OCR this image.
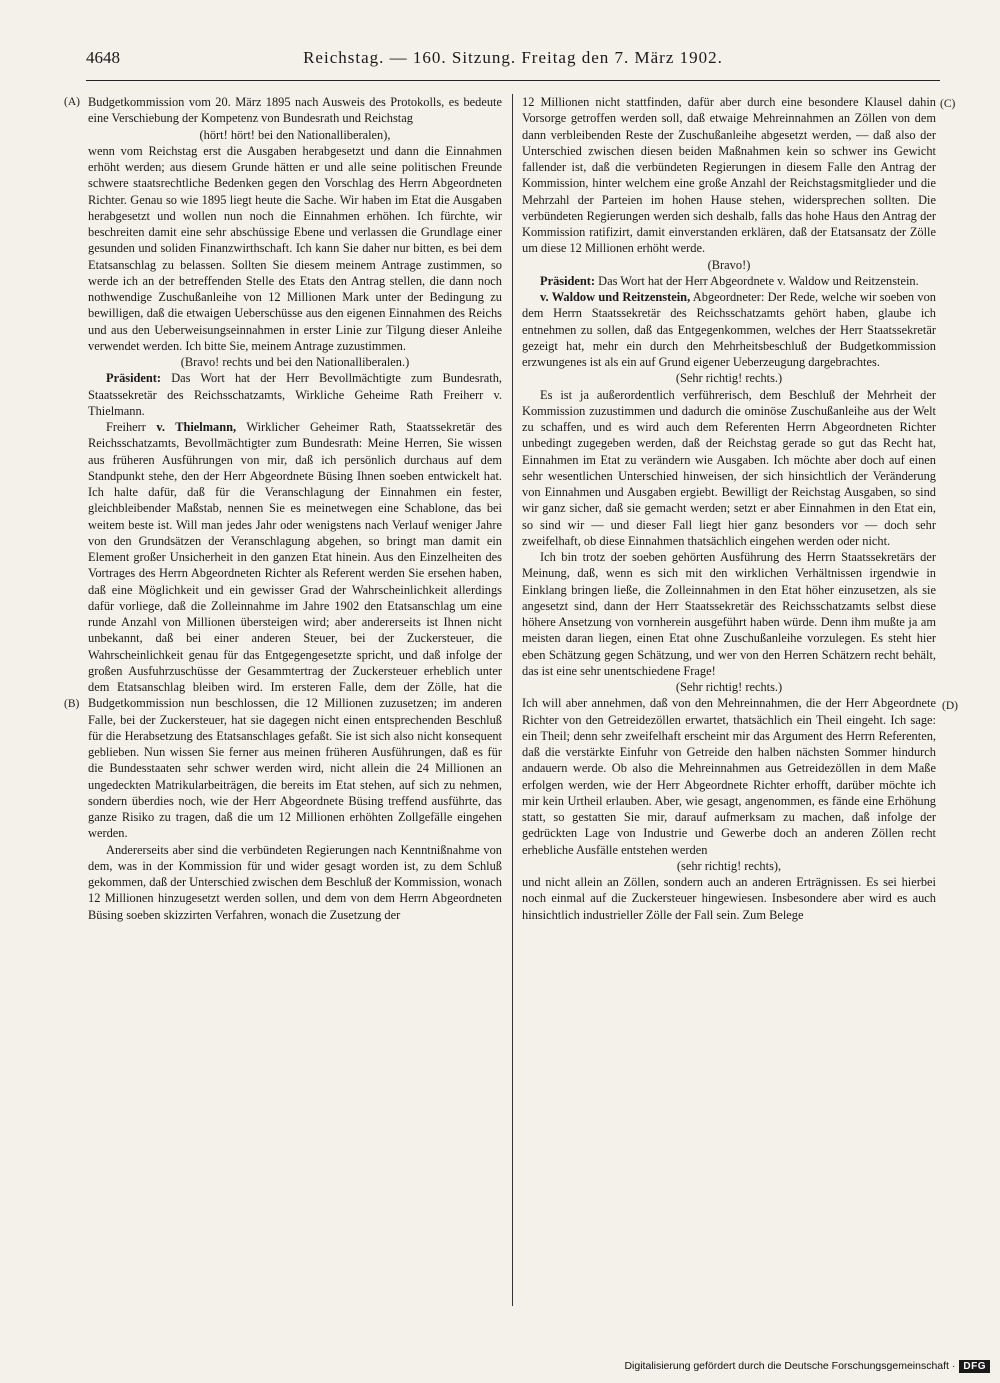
4648	Reichstag. — 160. Sitzung. Freitag den 7. März 1902.
(A)
(B)
(C)
(D)

Budgetkommission vom 20. März 1895 nach Ausweis des Protokolls, es bedeute eine Verschiebung der Kompetenz von Bundesrath und Reichstag

(hört! hört! bei den Nationalliberalen),

wenn vom Reichstag erst die Ausgaben herabgesetzt und dann die Einnahmen erhöht werden; aus diesem Grunde hätten er und alle seine politischen Freunde schwere staatsrechtliche Bedenken gegen den Vorschlag des Herrn Abgeordneten Richter. Genau so wie 1895 liegt heute die Sache. Wir haben im Etat die Ausgaben herabgesetzt und wollen nun noch die Einnahmen erhöhen. Ich fürchte, wir beschreiten damit eine sehr abschüssige Ebene und verlassen die Grundlage einer gesunden und soliden Finanzwirthschaft. Ich kann Sie daher nur bitten, es bei dem Etatsanschlag zu belassen. Sollten Sie diesem meinem Antrage zustimmen, so werde ich an der betreffenden Stelle des Etats den Antrag stellen, die dann noch nothwendige Zuschußanleihe von 12 Millionen Mark unter der Bedingung zu bewilligen, daß die etwaigen Ueberschüsse aus den eigenen Einnahmen des Reichs und aus den Ueberweisungseinnahmen in erster Linie zur Tilgung dieser Anleihe verwendet werden. Ich bitte Sie, meinem Antrage zuzustimmen.

(Bravo! rechts und bei den Nationalliberalen.)

Präsident: Das Wort hat der Herr Bevollmächtigte zum Bundesrath, Staatssekretär des Reichsschatzamts, Wirkliche Geheime Rath Freiherr v. Thielmann.

Freiherr v. Thielmann, Wirklicher Geheimer Rath, Staatssekretär des Reichsschatzamts, Bevollmächtigter zum Bundesrath: Meine Herren, Sie wissen aus früheren Ausführungen von mir, daß ich persönlich durchaus auf dem Standpunkt stehe, den der Herr Abgeordnete Büsing Ihnen soeben entwickelt hat. Ich halte dafür, daß für die Veranschlagung der Einnahmen ein fester, gleichbleibender Maßstab, nennen Sie es meinetwegen eine Schablone, das bei weitem beste ist. Will man jedes Jahr oder wenigstens nach Verlauf weniger Jahre von den Grundsätzen der Veranschlagung abgehen, so bringt man damit ein Element großer Unsicherheit in den ganzen Etat hinein. Aus den Einzelheiten des Vortrages des Herrn Abgeordneten Richter als Referent werden Sie ersehen haben, daß eine Möglichkeit und ein gewisser Grad der Wahrscheinlichkeit allerdings dafür vorliege, daß die Zolleinnahme im Jahre 1902 den Etatsanschlag um eine runde Anzahl von Millionen übersteigen wird; aber andererseits ist Ihnen nicht unbekannt, daß bei einer anderen Steuer, bei der Zuckersteuer, die Wahrscheinlichkeit genau für das Entgegengesetzte spricht, und daß infolge der großen Ausfuhrzuschüsse der Gesammtertrag der Zuckersteuer erheblich unter dem Etatsanschlag bleiben wird. Im ersteren Falle, dem der Zölle, hat die Budgetkommission nun beschlossen, die 12 Millionen zuzusetzen; im anderen Falle, bei der Zuckersteuer, hat sie dagegen nicht einen entsprechenden Beschluß für die Herabsetzung des Etatsanschlages gefaßt. Sie ist sich also nicht konsequent geblieben. Nun wissen Sie ferner aus meinen früheren Ausführungen, daß es für die Bundesstaaten sehr schwer werden wird, nicht allein die 24 Millionen an ungedeckten Matrikularbeiträgen, die bereits im Etat stehen, auf sich zu nehmen, sondern überdies noch, wie der Herr Abgeordnete Büsing treffend ausführte, das ganze Risiko zu tragen, daß die um 12 Millionen erhöhten Zollgefälle eingehen werden.

Andererseits aber sind die verbündeten Regierungen nach Kenntnißnahme von dem, was in der Kommission für und wider gesagt worden ist, zu dem Schluß gekommen, daß der Unterschied zwischen dem Beschluß der Kommission, wonach 12 Millionen hinzugesetzt werden sollen, und dem von dem Herrn Abgeordneten Büsing soeben skizzirten Verfahren, wonach die Zusetzung der

12 Millionen nicht stattfinden, dafür aber durch eine besondere Klausel dahin Vorsorge getroffen werden soll, daß etwaige Mehreinnahmen an Zöllen von dem dann verbleibenden Reste der Zuschußanleihe abgesetzt werden, — daß also der Unterschied zwischen diesen beiden Maßnahmen kein so schwer ins Gewicht fallender ist, daß die verbündeten Regierungen in diesem Falle den Antrag der Kommission, hinter welchem eine große Anzahl der Reichstagsmitglieder und die Mehrzahl der Parteien im hohen Hause stehen, widersprechen sollten. Die verbündeten Regierungen werden sich deshalb, falls das hohe Haus den Antrag der Kommission ratifizirt, damit einverstanden erklären, daß der Etatsansatz der Zölle um diese 12 Millionen erhöht werde.

(Bravo!)

Präsident: Das Wort hat der Herr Abgeordnete v. Waldow und Reitzenstein.

v. Waldow und Reitzenstein, Abgeordneter: Der Rede, welche wir soeben von dem Herrn Staatssekretär des Reichsschatzamts gehört haben, glaube ich entnehmen zu sollen, daß das Entgegenkommen, welches der Herr Staatssekretär gezeigt hat, mehr ein durch den Mehrheitsbeschluß der Budgetkommission erzwungenes ist als ein auf Grund eigener Ueberzeugung dargebrachtes.

(Sehr richtig! rechts.)

Es ist ja außerordentlich verführerisch, dem Beschluß der Mehrheit der Kommission zuzustimmen und dadurch die ominöse Zuschußanleihe aus der Welt zu schaffen, und es wird auch dem Referenten Herrn Abgeordneten Richter unbedingt zugegeben werden, daß der Reichstag gerade so gut das Recht hat, Einnahmen im Etat zu verändern wie Ausgaben. Ich möchte aber doch auf einen sehr wesentlichen Unterschied hinweisen, der sich hinsichtlich der Veränderung von Einnahmen und Ausgaben ergiebt. Bewilligt der Reichstag Ausgaben, so sind wir ganz sicher, daß sie gemacht werden; setzt er aber Einnahmen in den Etat ein, so sind wir — und dieser Fall liegt hier ganz besonders vor — doch sehr zweifelhaft, ob diese Einnahmen thatsächlich eingehen werden oder nicht.

Ich bin trotz der soeben gehörten Ausführung des Herrn Staatssekretärs der Meinung, daß, wenn es sich mit den wirklichen Verhältnissen irgendwie in Einklang bringen ließe, die Zolleinnahmen in den Etat höher einzusetzen, als sie angesetzt sind, dann der Herr Staatssekretär des Reichsschatzamts selbst diese höhere Ansetzung von vornherein ausgeführt haben würde. Denn ihm mußte ja am meisten daran liegen, einen Etat ohne Zuschußanleihe vorzulegen. Es steht hier eben Schätzung gegen Schätzung, und wer von den Herren Schätzern recht behält, das ist eine sehr unentschiedene Frage!

(Sehr richtig! rechts.)

Ich will aber annehmen, daß von den Mehreinnahmen, die der Herr Abgeordnete Richter von den Getreidezöllen erwartet, thatsächlich ein Theil eingeht. Ich sage: ein Theil; denn sehr zweifelhaft erscheint mir das Argument des Herrn Referenten, daß die verstärkte Einfuhr von Getreide den halben nächsten Sommer hindurch andauern werde. Ob also die Mehreinnahmen aus Getreidezöllen in dem Maße erfolgen werden, wie der Herr Abgeordnete Richter erhofft, darüber möchte ich mir kein Urtheil erlauben. Aber, wie gesagt, angenommen, es fände eine Erhöhung statt, so gestatten Sie mir, darauf aufmerksam zu machen, daß infolge der gedrückten Lage von Industrie und Gewerbe doch an anderen Zöllen recht erhebliche Ausfälle entstehen werden

(sehr richtig! rechts),

und nicht allein an Zöllen, sondern auch an anderen Erträgnissen. Es sei hierbei noch einmal auf die Zuckersteuer hingewiesen. Insbesondere aber wird es auch hinsichtlich industrieller Zölle der Fall sein. Zum Belege

Digitalisierung gefördert durch die Deutsche Forschungsgemeinschaft · DFG
